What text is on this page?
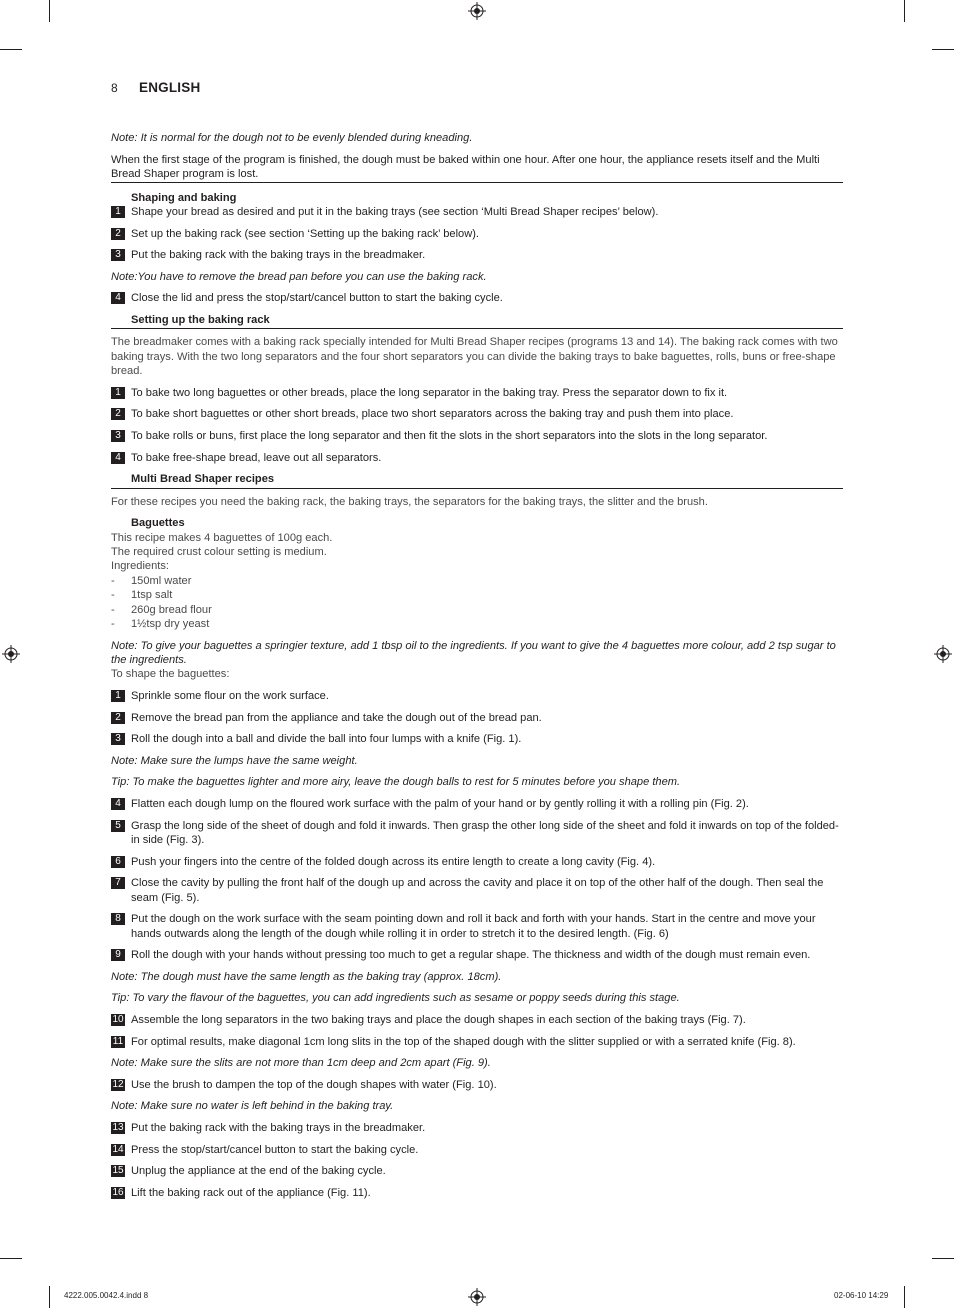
8 ENGLISH
Note: It is normal for the dough not to be evenly blended during kneading.
When the first stage of the program is finished, the dough must be baked within one hour. After one hour, the appliance resets itself and the Multi Bread Shaper program is lost.
Shaping and baking
1 Shape your bread as desired and put it in the baking trays (see section ‘Multi Bread Shaper recipes’ below).
2 Set up the baking rack (see section ‘Setting up the baking rack’ below).
3 Put the baking rack with the baking trays in the breadmaker.
Note:You have to remove the bread pan before you can use the baking rack.
4 Close the lid and press the stop/start/cancel button to start the baking cycle.
Setting up the baking rack
The breadmaker comes with a baking rack specially intended for Multi Bread Shaper recipes (programs 13 and 14). The baking rack comes with two baking trays. With the two long separators and the four short separators you can divide the baking trays to bake baguettes, rolls, buns or free-shape bread.
1 To bake two long baguettes or other breads, place the long separator in the baking tray. Press the separator down to fix it.
2 To bake short baguettes or other short breads, place two short separators across the baking tray and push them into place.
3 To bake rolls or buns, first place the long separator and then fit the slots in the short separators into the slots in the long separator.
4 To bake free-shape bread, leave out all separators.
Multi Bread Shaper recipes
For these recipes you need the baking rack, the baking trays, the separators for the baking trays, the slitter and the brush.
Baguettes
This recipe makes 4 baguettes of 100g each.
The required crust colour setting is medium.
Ingredients:
- 150ml water
- 1tsp salt
- 260g bread flour
- 1½tsp dry yeast
Note: To give your baguettes a springier texture, add 1 tbsp oil to the ingredients. If you want to give the 4 baguettes more colour, add 2 tsp sugar to the ingredients.
To shape the baguettes:
1 Sprinkle some flour on the work surface.
2 Remove the bread pan from the appliance and take the dough out of the bread pan.
3 Roll the dough into a ball and divide the ball into four lumps with a knife (Fig. 1).
Note: Make sure the lumps have the same weight.
Tip: To make the baguettes lighter and more airy, leave the dough balls to rest for 5 minutes before you shape them.
4 Flatten each dough lump on the floured work surface with the palm of your hand or by gently rolling it with a rolling pin (Fig. 2).
5 Grasp the long side of the sheet of dough and fold it inwards. Then grasp the other long side of the sheet and fold it inwards on top of the folded-in side (Fig. 3).
6 Push your fingers into the centre of the folded dough across its entire length to create a long cavity (Fig. 4).
7 Close the cavity by pulling the front half of the dough up and across the cavity and place it on top of the other half of the dough. Then seal the seam (Fig. 5).
8 Put the dough on the work surface with the seam pointing down and roll it back and forth with your hands. Start in the centre and move your hands outwards along the length of the dough while rolling it in order to stretch it to the desired length. (Fig. 6)
9 Roll the dough with your hands without pressing too much to get a regular shape. The thickness and width of the dough must remain even.
Note: The dough must have the same length as the baking tray (approx. 18cm).
Tip: To vary the flavour of the baguettes, you can add ingredients such as sesame or poppy seeds during this stage.
10 Assemble the long separators in the two baking trays and place the dough shapes in each section of the baking trays (Fig. 7).
11 For optimal results, make diagonal 1cm long slits in the top of the shaped dough with the slitter supplied or with a serrated knife (Fig. 8).
Note: Make sure the slits are not more than 1cm deep and 2cm apart (Fig. 9).
12 Use the brush to dampen the top of the dough shapes with water (Fig. 10).
Note: Make sure no water is left behind in the baking tray.
13 Put the baking rack with the baking trays in the breadmaker.
14 Press the stop/start/cancel button to start the baking cycle.
15 Unplug the appliance at the end of the baking cycle.
16 Lift the baking rack out of the appliance (Fig. 11).
4222.005.0042.4.indd 8	02-06-10 14:29
